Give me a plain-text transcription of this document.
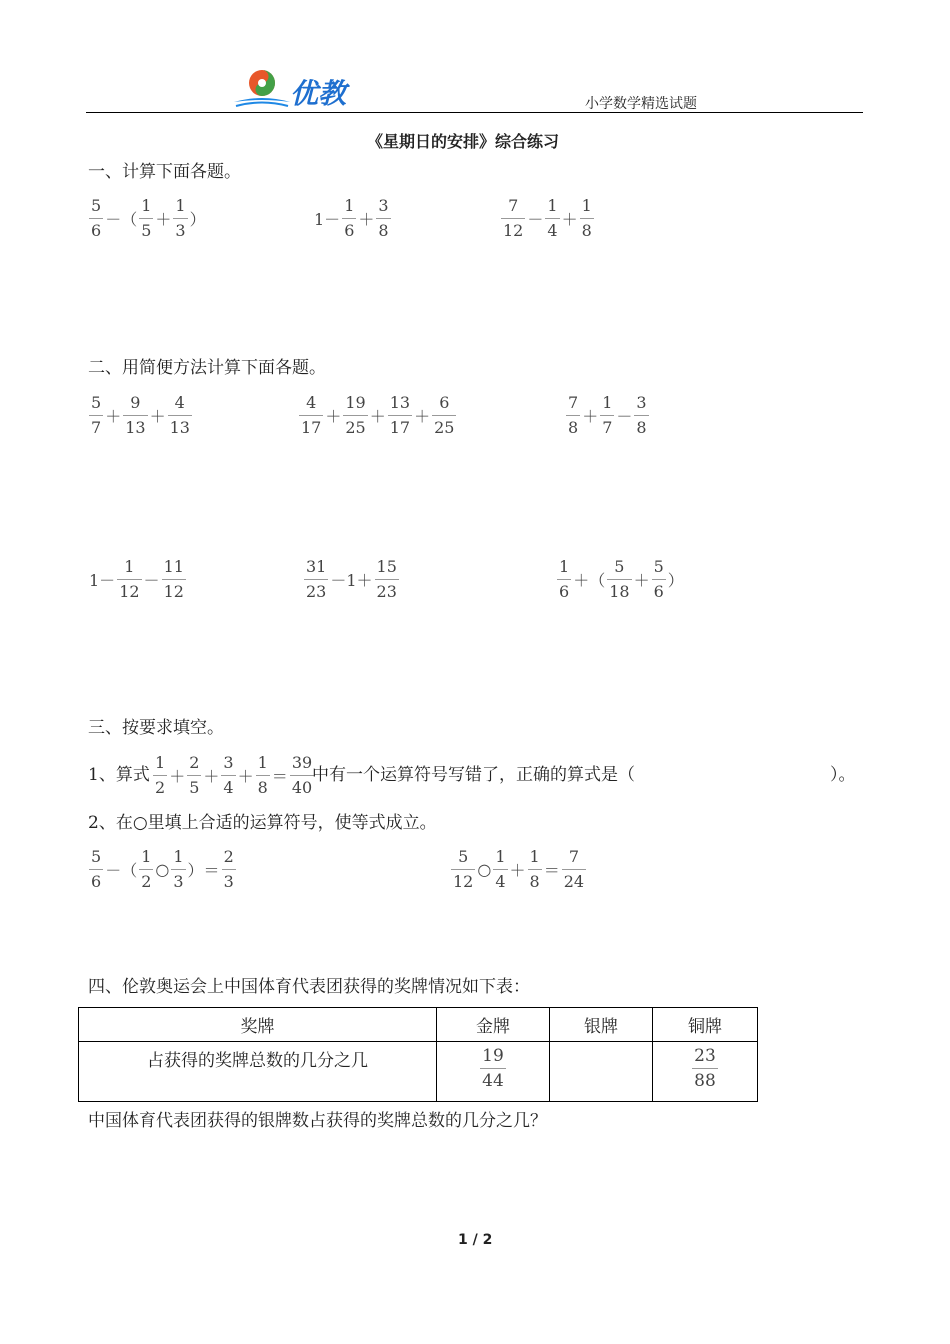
优教	小学数学精选试题
《星期日的安排》综合练习
一、计算下面各题。
$\frac{5}{6}$ －（ $\frac{1}{5} + \frac{1}{3}$ ）	$1- \frac{1}{6} + \frac{3}{8}$	$\frac{7}{12} - \frac{1}{4} + \frac{1}{8}$
二、用简便方法计算下面各题。
$\frac{5}{7} + \frac{9}{13} + \frac{4}{13}$	$\frac{4}{17} + \frac{19}{25} + \frac{13}{17} + \frac{6}{25}$	$\frac{7}{8} + \frac{1}{7} - \frac{3}{8}$
$1- \frac{1}{12} - \frac{11}{12}$	$\frac{31}{23} -1+ \frac{15}{23}$	$\frac{1}{6}$ ＋（ $\frac{5}{18} + \frac{5}{6}$ ）
三、按要求填空。
1、算式 $\frac{1}{2} + \frac{2}{5} + \frac{3}{4} + \frac{1}{8} = \frac{39}{40}$
中有一个运算符号写错了，正确的算式是（	）。
2、在○里填上合适的运算符号，使等式成立。
$\frac{5}{6}$ －（ $\frac{1}{2}$ ○ $\frac{1}{3}$ ）＝ $\frac{2}{3}$	$\frac{5}{12}$ ○ $\frac{1}{4} + \frac{1}{8} = \frac{7}{24}$
四、伦敦奥运会上中国体育代表团获得的奖牌情况如下表：
奖牌	金牌	银牌	铜牌
占获得的奖牌总数的几分之几	$\frac{19}{44}$		$\frac{23}{88}$
中国体育代表团获得的银牌数占获得的奖牌总数的几分之几？
1 / 2
